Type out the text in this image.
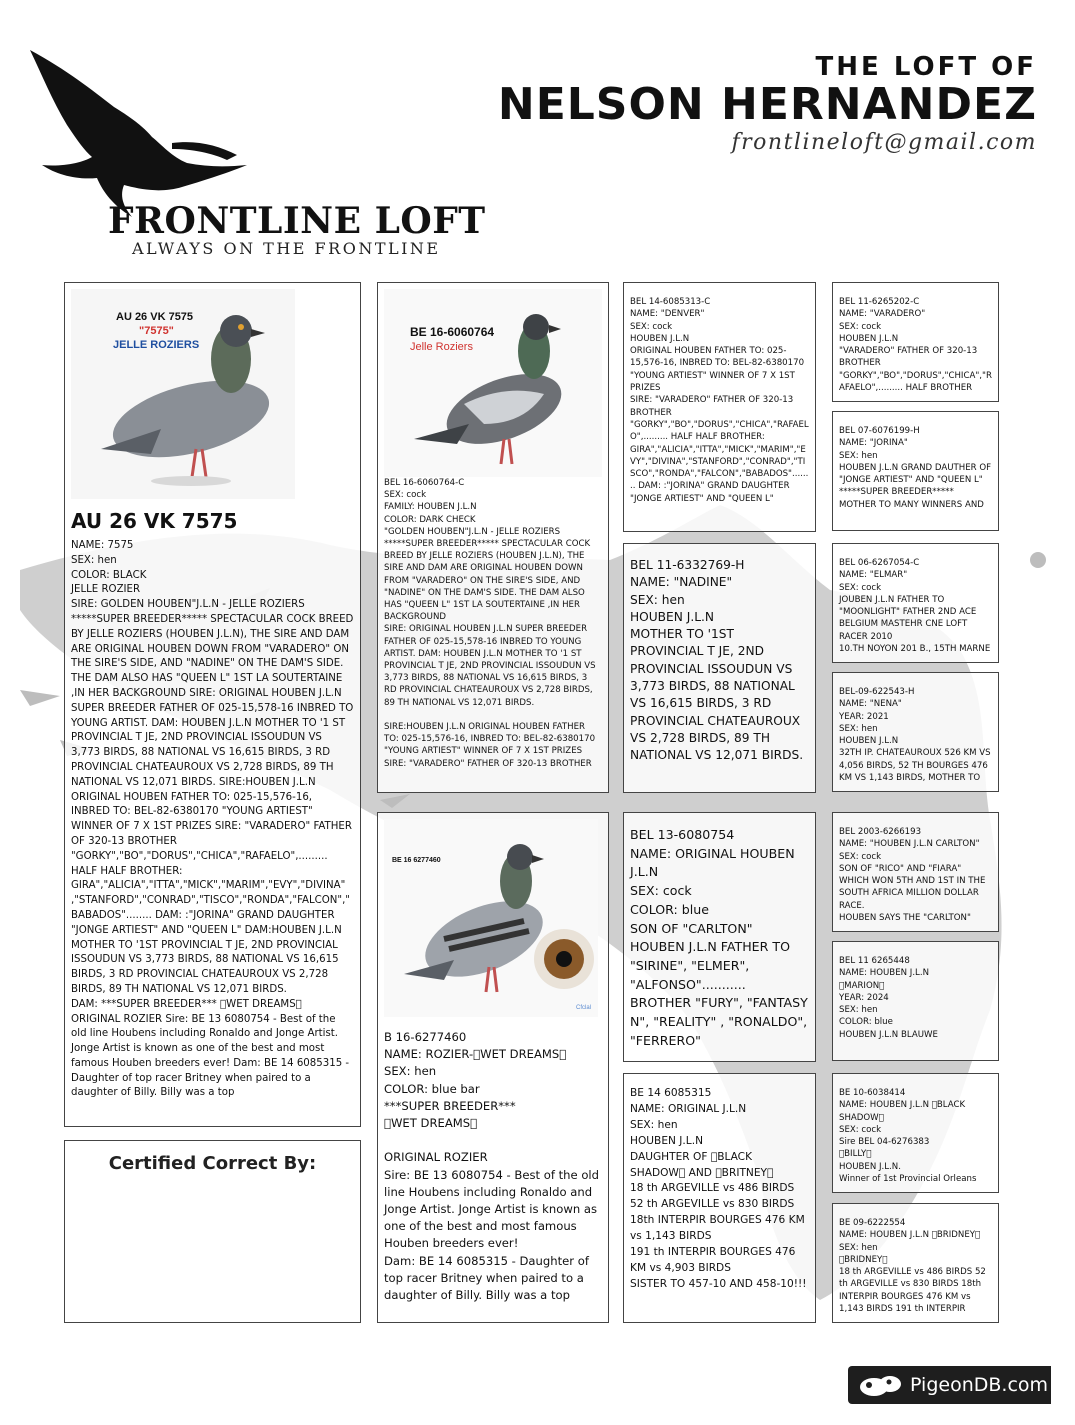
FRONTLINE LOFT
ALWAYS ON THE FRONTLINE
THE LOFT OF
NELSON HERNANDEZ
frontlineloft@gmail.com
AU 26 VK 7575
"7575"
JELLE ROZIERS
AU 26 VK 7575
NAME: 7575
SEX: hen
COLOR: BLACK
JELLE ROZIER
SIRE: GOLDEN HOUBEN"J.L.N - JELLE ROZIERS *****SUPER BREEDER***** SPECTACULAR COCK BREED BY JELLE ROZIERS (HOUBEN J.L.N), THE SIRE AND DAM ARE ORIGINAL HOUBEN DOWN FROM "VARADERO" ON THE SIRE'S SIDE, AND "NADINE" ON THE DAM'S SIDE. THE DAM ALSO HAS "QUEEN L" 1ST LA SOUTERTAINE ,IN HER BACKGROUND SIRE: ORIGINAL HOUBEN J.L.N SUPER BREEDER FATHER OF 025-15,578-16 INBRED TO YOUNG ARTIST. DAM: HOUBEN J.L.N MOTHER TO '1 ST PROVINCIAL T JE, 2ND PROVINCIAL ISSOUDUN VS 3,773 BIRDS, 88 NATIONAL VS 16,615 BIRDS, 3 RD PROVINCIAL CHATEAUROUX VS 2,728 BIRDS, 89 TH NATIONAL VS 12,071 BIRDS. SIRE:HOUBEN J.L.N ORIGINAL HOUBEN FATHER TO: 025-15,576-16, INBRED TO: BEL-82-6380170 "YOUNG ARTIEST" WINNER OF 7 X 1ST PRIZES SIRE: "VARADERO" FATHER OF 320-13 BROTHER "GORKY","BO","DORUS","CHICA","RAFAELO",......... HALF HALF BROTHER: GIRA","ALICIA","ITTA","MICK","MARIM","EVY","DIVINA" ,"STANFORD","CONRAD","TISCO","RONDA","FALCON"," BABADOS"........ DAM: :"JORINA" GRAND DAUGHTER "JONGE ARTIEST" AND "QUEEN L" DAM:HOUBEN J.L.N MOTHER TO '1ST PROVINCIAL T JE, 2ND PROVINCIAL ISSOUDUN VS 3,773 BIRDS, 88 NATIONAL VS 16,615 BIRDS, 3 RD PROVINCIAL CHATEAUROUX VS 2,728 BIRDS, 89 TH NATIONAL VS 12,071 BIRDS.
DAM: ***SUPER BREEDER***  WET DREAMS  ORIGINAL ROZIER Sire: BE 13 6080754 - Best of the old line Houbens including Ronaldo and Jonge Artist. Jonge Artist is known as one of the best and most famous Houben breeders ever! Dam: BE 14 6085315 - Daughter of top racer Britney when paired to a daughter of Billy. Billy was a top
Certified Correct By:
BE 16-6060764
Jelle Roziers
BEL 16-6060764-C
SEX: cock
FAMILY: HOUBEN J.L.N
COLOR: DARK CHECK
"GOLDEN HOUBEN"J.L.N - JELLE ROZIERS *****SUPER BREEDER***** SPECTACULAR COCK BREED BY JELLE ROZIERS (HOUBEN J.L.N), THE SIRE AND DAM ARE ORIGINAL HOUBEN DOWN FROM "VARADERO" ON THE SIRE'S SIDE, AND "NADINE" ON THE DAM'S SIDE. THE DAM ALSO HAS "QUEEN L" 1ST LA SOUTERTAINE ,IN HER BACKGROUND
SIRE: ORIGINAL HOUBEN J.L.N SUPER BREEDER FATHER OF 025-15,578-16 INBRED TO YOUNG ARTIST. DAM: HOUBEN J.L.N MOTHER TO '1 ST PROVINCIAL T JE, 2ND PROVINCIAL ISSOUDUN VS 3,773 BIRDS, 88 NATIONAL VS 16,615 BIRDS, 3 RD PROVINCIAL CHATEAUROUX VS 2,728 BIRDS, 89 TH NATIONAL VS 12,071 BIRDS.

SIRE:HOUBEN J.L.N ORIGINAL HOUBEN FATHER TO: 025-15,576-16, INBRED TO: BEL-82-6380170 "YOUNG ARTIEST" WINNER OF 7 X 1ST PRIZES
SIRE: "VARADERO" FATHER OF 320-13 BROTHER
BE 16 6277460
Cfclal
B 16-6277460
NAME: ROZIER- WET DREAMS 
SEX: hen
COLOR: blue bar
***SUPER BREEDER***
 WET DREAMS 

ORIGINAL ROZIER
Sire: BE 13 6080754 - Best of the old line Houbens including Ronaldo and Jonge Artist. Jonge Artist is known as one of the best and most famous Houben breeders ever!
Dam: BE 14 6085315 - Daughter of top racer Britney when paired to a daughter of Billy. Billy was a top
BEL 14-6085313-C
NAME: "DENVER"
SEX: cock
HOUBEN J.L.N
ORIGINAL HOUBEN FATHER TO: 025-15,576-16, INBRED TO: BEL-82-6380170 "YOUNG ARTIEST" WINNER OF 7 X 1ST PRIZES
SIRE: "VARADERO" FATHER OF 320-13 BROTHER "GORKY","BO","DORUS","CHICA","RAFAELO",......... HALF HALF BROTHER: GIRA","ALICIA","ITTA","MICK","MARIM","EVY","DIVINA","STANFORD","CONRAD","TISCO","RONDA","FALCON","BABADOS"........ DAM: :"JORINA" GRAND DAUGHTER "JONGE ARTIEST" AND "QUEEN L"
BEL 11-6332769-H
NAME: "NADINE"
SEX: hen
HOUBEN J.L.N
MOTHER TO '1ST PROVINCIAL T JE, 2ND PROVINCIAL ISSOUDUN VS 3,773 BIRDS, 88 NATIONAL VS 16,615 BIRDS, 3 RD PROVINCIAL CHATEAUROUX VS 2,728 BIRDS, 89 TH NATIONAL VS 12,071 BIRDS.
BEL 13-6080754
NAME: ORIGINAL HOUBEN J.L.N
SEX: cock
COLOR: blue
SON OF "CARLTON" HOUBEN J.L.N FATHER TO "SIRINE", "ELMER", "ALFONSO"...........
BROTHER "FURY", "FANTASY N", "REALITY" , "RONALDO", "FERRERO"
BE 14 6085315
NAME: ORIGINAL J.L.N
SEX: hen
HOUBEN J.L.N
DAUGHTER OF  BLACK SHADOW  AND  BRITNEY 
18 th ARGEVILLE vs 486 BIRDS
52 th ARGEVILLE vs 830 BIRDS
18th INTERPIR BOURGES 476 KM vs 1,143 BIRDS
191 th INTERPIR BOURGES 476 KM vs 4,903 BIRDS
SISTER TO 457-10 AND 458-10!!!
BEL 11-6265202-C
NAME: "VARADERO"
SEX: cock
HOUBEN J.L.N
"VARADERO" FATHER OF 320-13 BROTHER "GORKY","BO","DORUS","CHICA","RAFAELO",......... HALF BROTHER
BEL 07-6076199-H
NAME: "JORINA"
SEX: hen
HOUBEN J.L.N GRAND DAUTHER OF "JONGE ARTIEST" AND "QUEEN L"
*****SUPER BREEDER*****
MOTHER TO MANY WINNERS AND
BEL 06-6267054-C
NAME: "ELMAR"
SEX: cock
JOUBEN J.L.N FATHER TO "MOONLIGHT" FATHER 2ND ACE BELGIUM MASTEHR CNE LOFT RACER 2010
10.TH NOYON 201 B., 15TH MARNE
BEL-09-622543-H
NAME: "NENA"
YEAR: 2021
SEX: hen
HOUBEN J.L.N
32TH IP. CHATEAUROUX 526 KM VS 4,056 BIRDS, 52 TH BOURGES 476 KM VS 1,143 BIRDS, MOTHER TO
BEL 2003-6266193
NAME: "HOUBEN J.L.N CARLTON"
SEX: cock
SON OF "RICO" AND "FIARA" WHICH WON 5TH AND 1ST IN THE SOUTH AFRICA MILLION DOLLAR RACE.
HOUBEN SAYS THE "CARLTON"
BEL 11 6265448
NAME: HOUBEN J.L.N
 MARION 
YEAR: 2024
SEX: hen
COLOR: blue
HOUBEN J.L.N BLAUWE
BE 10-6038414
NAME: HOUBEN J.L.N  BLACK SHADOW 
SEX: cock
Sire BEL 04-6276383
 BILLY 
HOUBEN J.L.N.
Winner of 1st Provincial Orleans
BE 09-6222554
NAME: HOUBEN J.L.N  BRIDNEY 
SEX: hen
 BRIDNEY 
18 th ARGEVILLE vs 486 BIRDS 52 th ARGEVILLE vs 830 BIRDS 18th INTERPIR BOURGES 476 KM vs 1,143 BIRDS 191 th INTERPIR
PigeonDB.com
